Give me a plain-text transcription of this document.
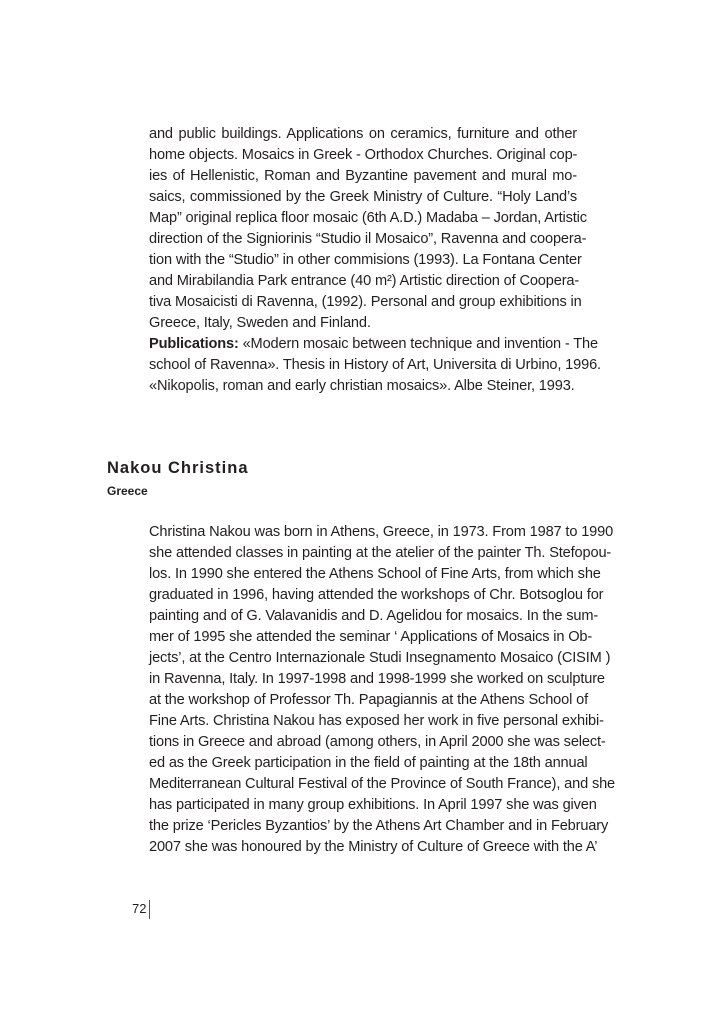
and public buildings. Applications on ceramics, furniture and other
home objects. Mosaics in Greek - Orthodox Churches. Original cop-
ies of Hellenistic, Roman and Byzantine pavement and mural mo-
saics, commissioned by the Greek Ministry of Culture. “Holy Land’s
Map” original replica floor mosaic (6th A.D.) Madaba – Jordan, Artistic
direction of the Signiorinis “Studio il Mosaico”, Ravenna and coopera-
tion with the “Studio” in other commisions (1993). La Fontana Center
and Mirabilandia Park entrance (40 m²) Artistic direction of Coopera-
tiva Mosaicisti di Ravenna, (1992). Personal and group exhibitions in
Greece, Italy, Sweden and Finland.
Publications: «Modern mosaic between technique and invention - The
school of Ravenna». Thesis in History of Art, Universita di Urbino, 1996.
«Nikopolis, roman and early christian mosaics». Albe Steiner, 1993.
Nakou Christina
Greece
Christina Nakou was born in Athens, Greece, in 1973. From 1987 to 1990
she attended classes in painting at the atelier of the painter Th. Stefopou-
los. In 1990 she entered the Athens School of Fine Arts, from which she
graduated in 1996, having attended the workshops of Chr. Botsoglou for
painting and of G. Valavanidis and D. Agelidou for mosaics. In the sum-
mer of 1995 she attended the seminar ‘ Applications of Mosaics in Ob-
jects’, at the Centro Internazionale Studi Insegnamento Mosaico (CISIM )
in Ravenna, Italy. In 1997-1998 and 1998-1999 she worked on sculpture
at the workshop of Professor Th. Papagiannis at the Athens School of
Fine Arts. Christina Nakou has exposed her work in five personal exhibi-
tions in Greece and abroad (among others, in April 2000 she was select-
ed as the Greek participation in the field of painting at the 18th annual
Mediterranean Cultural Festival of the Province of South France), and she
has participated in many group exhibitions. In April 1997 she was given
the prize ‘Pericles Byzantios’ by the Athens Art Chamber and in February
2007 she was honoured by the Ministry of Culture of Greece with the A’
72
